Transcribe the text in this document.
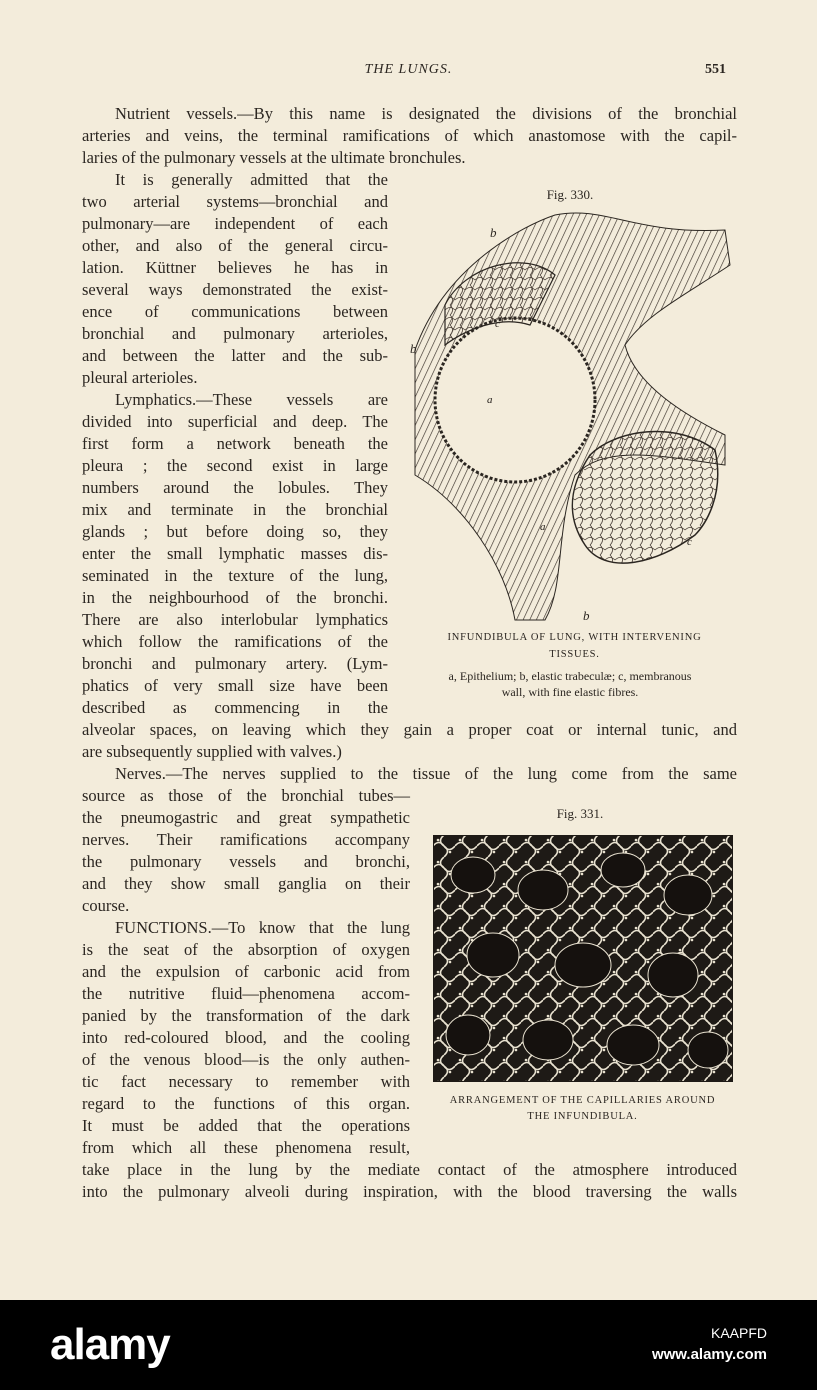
THE LUNGS.	551
Nutrient vessels.—By this name is designated the divisions of the bronchial
arteries and veins, the terminal ramifications of which anastomose with the capil-
laries of the pulmonary vessels at the ultimate bronchules.
It is generally admitted that the
two arterial systems—bronchial and
pulmonary—are independent of each
other, and also of the general circu-
lation. Küttner believes he has in
several ways demonstrated the exist-
ence of communications between
bronchial and pulmonary arterioles,
and between the latter and the sub-
pleural arterioles.
Lymphatics.—These vessels are
divided into superficial and deep. The
first form a network beneath the
pleura ; the second exist in large
numbers around the lobules. They
mix and terminate in the bronchial
glands ; but before doing so, they
enter the small lymphatic masses dis-
seminated in the texture of the lung,
in the neighbourhood of the bronchi.
There are also interlobular lymphatics
which follow the ramifications of the
bronchi and pulmonary artery. (Lym-
phatics of very small size have been
described as commencing in the
alveolar spaces, on leaving which they gain a proper coat or internal tunic, and
are subsequently supplied with valves.)
Nerves.—The nerves supplied to the tissue of the lung come from the same
source as those of the bronchial tubes—
the pneumogastric and great sympathetic
nerves. Their ramifications accompany
the pulmonary vessels and bronchi,
and they show small ganglia on their
course.
FUNCTIONS.—To know that the lung
is the seat of the absorption of oxygen
and the expulsion of carbonic acid from
the nutritive fluid—phenomena accom-
panied by the transformation of the dark
into red-coloured blood, and the cooling
of the venous blood—is the only authen-
tic fact necessary to remember with
regard to the functions of this organ.
It must be added that the operations
from which all these phenomena result,
take place in the lung by the mediate contact of the atmosphere introduced
into the pulmonary alveoli during inspiration, with the blood traversing the walls
Fig. 330.
b
b
c
a
a
c
b
INFUNDIBULA OF LUNG, WITH INTERVENING
TISSUES.
a, Epithelium; b, elastic trabeculæ; c, membranous
wall, with fine elastic fibres.
Fig. 331.
ARRANGEMENT OF THE CAPILLARIES AROUND
THE INFUNDIBULA.
alamy	KAAPFD
www.alamy.com
